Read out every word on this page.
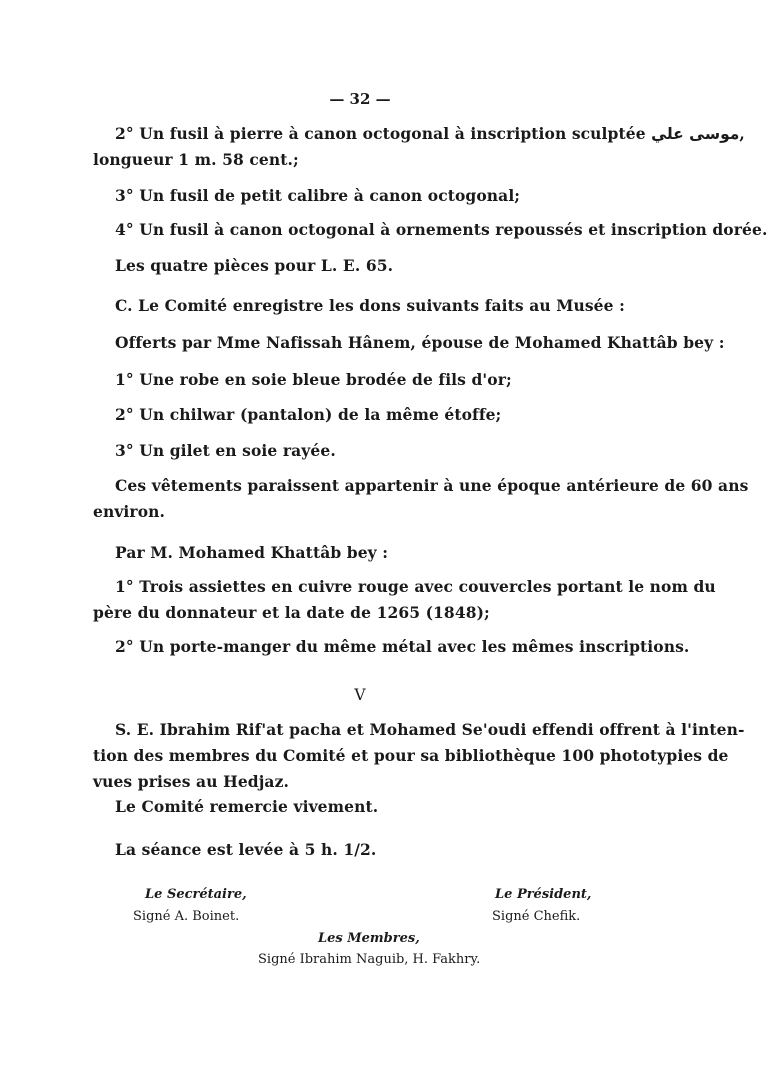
— 32 —
2° Un fusil à pierre à canon octogonal à inscription sculptée موسى علي,
longueur 1 m. 58 cent.;
3° Un fusil de petit calibre à canon octogonal;
4° Un fusil à canon octogonal à ornements repoussés et inscription dorée.
Les quatre pièces pour L. E. 65.
C. Le Comité enregistre les dons suivants faits au Musée :
Offerts par Mme Nafissah Hânem, épouse de Mohamed Khattâb bey :
1° Une robe en soie bleue brodée de fils d'or;
2° Un chilwar (pantalon) de la même étoffe;
3° Un gilet en soie rayée.
Ces vêtements paraissent appartenir à une époque antérieure de 60 ans
environ.
Par M. Mohamed Khattâb bey :
1° Trois assiettes en cuivre rouge avec couvercles portant le nom du
père du donnateur et la date de 1265 (1848);
2° Un porte-manger du même métal avec les mêmes inscriptions.
V
S. E. Ibrahim Rif'at pacha et Mohamed Se'oudi effendi offrent à l'inten-
tion des membres du Comité et pour sa bibliothèque 100 phototypies de
vues prises au Hedjaz.
Le Comité remercie vivement.
La séance est levée à 5 h. 1/2.
Le Secrétaire,
Signé A. Boinet.
Le Président,
Signé Chefik.
Les Membres,
Signé Ibrahim Naguib, H. Fakhry.
